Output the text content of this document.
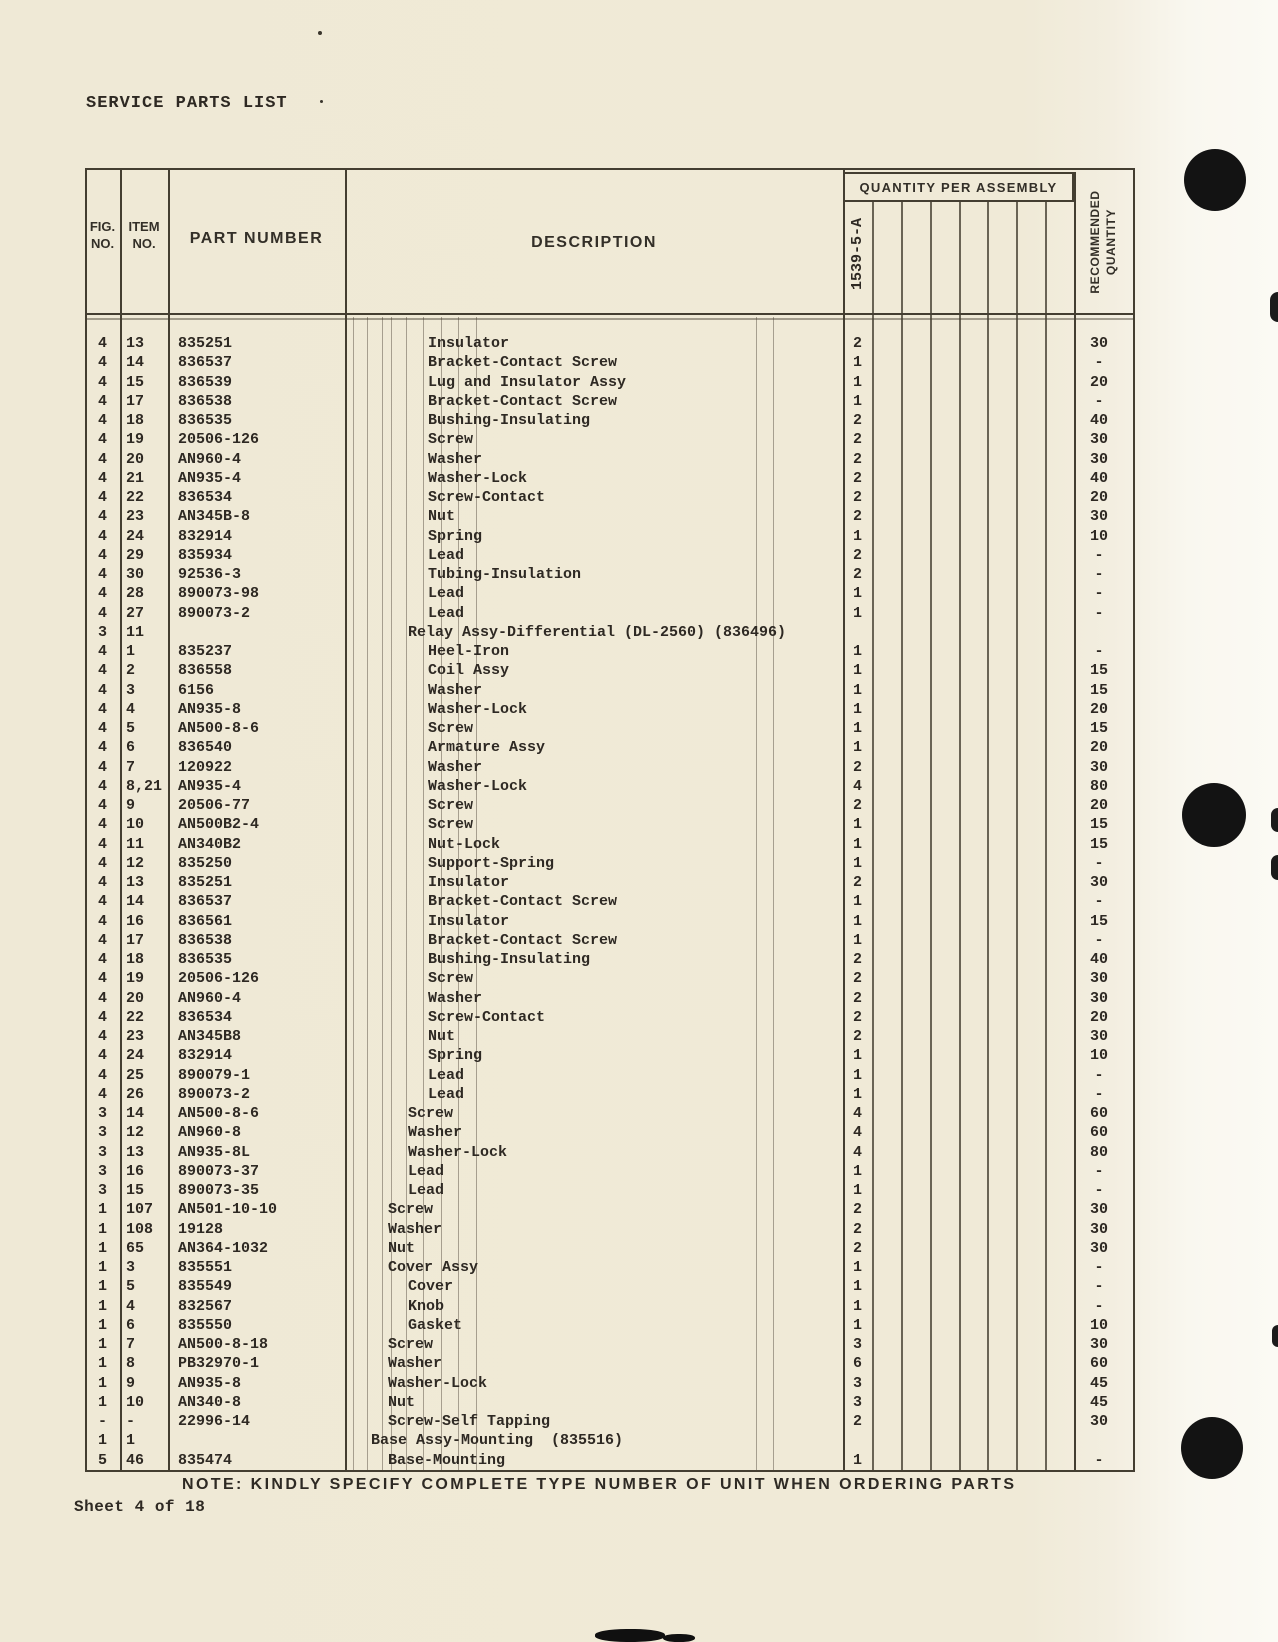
SERVICE PARTS LIST
FIG.
NO.
ITEM
NO.	PART NUMBER	DESCRIPTION
QUANTITY PER ASSEMBLY
1539-5-A	RECOMMENDED QUANTITY
4	13	835251	Insulator	2	30
4	14	836537	Bracket-Contact Screw	1	-
4	15	836539	Lug and Insulator Assy	1	20
4	17	836538	Bracket-Contact Screw	1	-
4	18	836535	Bushing-Insulating	2	40
4	19	20506-126	Screw	2	30
4	20	AN960-4	Washer	2	30
4	21	AN935-4	Washer-Lock	2	40
4	22	836534	Screw-Contact	2	20
4	23	AN345B-8	Nut	2	30
4	24	832914	Spring	1	10
4	29	835934	Lead	2	-
4	30	92536-3	Tubing-Insulation	2	-
4	28	890073-98	Lead	1	-
4	27	890073-2	Lead	1	-
3	11	Relay Assy-Differential (DL-2560) (836496)
4	1	835237	Heel-Iron	1	-
4	2	836558	Coil Assy	1	15
4	3	6156	Washer	1	15
4	4	AN935-8	Washer-Lock	1	20
4	5	AN500-8-6	Screw	1	15
4	6	836540	Armature Assy	1	20
4	7	120922	Washer	2	30
4	8,21	AN935-4	Washer-Lock	4	80
4	9	20506-77	Screw	2	20
4	10	AN500B2-4	Screw	1	15
4	11	AN340B2	Nut-Lock	1	15
4	12	835250	Support-Spring	1	-
4	13	835251	Insulator	2	30
4	14	836537	Bracket-Contact Screw	1	-
4	16	836561	Insulator	1	15
4	17	836538	Bracket-Contact Screw	1	-
4	18	836535	Bushing-Insulating	2	40
4	19	20506-126	Screw	2	30
4	20	AN960-4	Washer	2	30
4	22	836534	Screw-Contact	2	20
4	23	AN345B8	Nut	2	30
4	24	832914	Spring	1	10
4	25	890079-1	Lead	1	-
4	26	890073-2	Lead	1	-
3	14	AN500-8-6	Screw	4	60
3	12	AN960-8	Washer	4	60
3	13	AN935-8L	Washer-Lock	4	80
3	16	890073-37	Lead	1	-
3	15	890073-35	Lead	1	-
1	107	AN501-10-10	Screw	2	30
1	108	19128	Washer	2	30
1	65	AN364-1032	Nut	2	30
1	3	835551	Cover Assy	1	-
1	5	835549	Cover	1	-
1	4	832567	Knob	1	-
1	6	835550	Gasket	1	10
1	7	AN500-8-18	Screw	3	30
1	8	PB32970-1	Washer	6	60
1	9	AN935-8	Washer-Lock	3	45
1	10	AN340-8	Nut	3	45
-	-	22996-14	Screw-Self Tapping	2	30
1	1	Base Assy-Mounting  (835516)
5	46	835474	Base-Mounting	1	-
NOTE: KINDLY SPECIFY COMPLETE TYPE NUMBER OF UNIT WHEN ORDERING PARTS
Sheet 4 of 18
